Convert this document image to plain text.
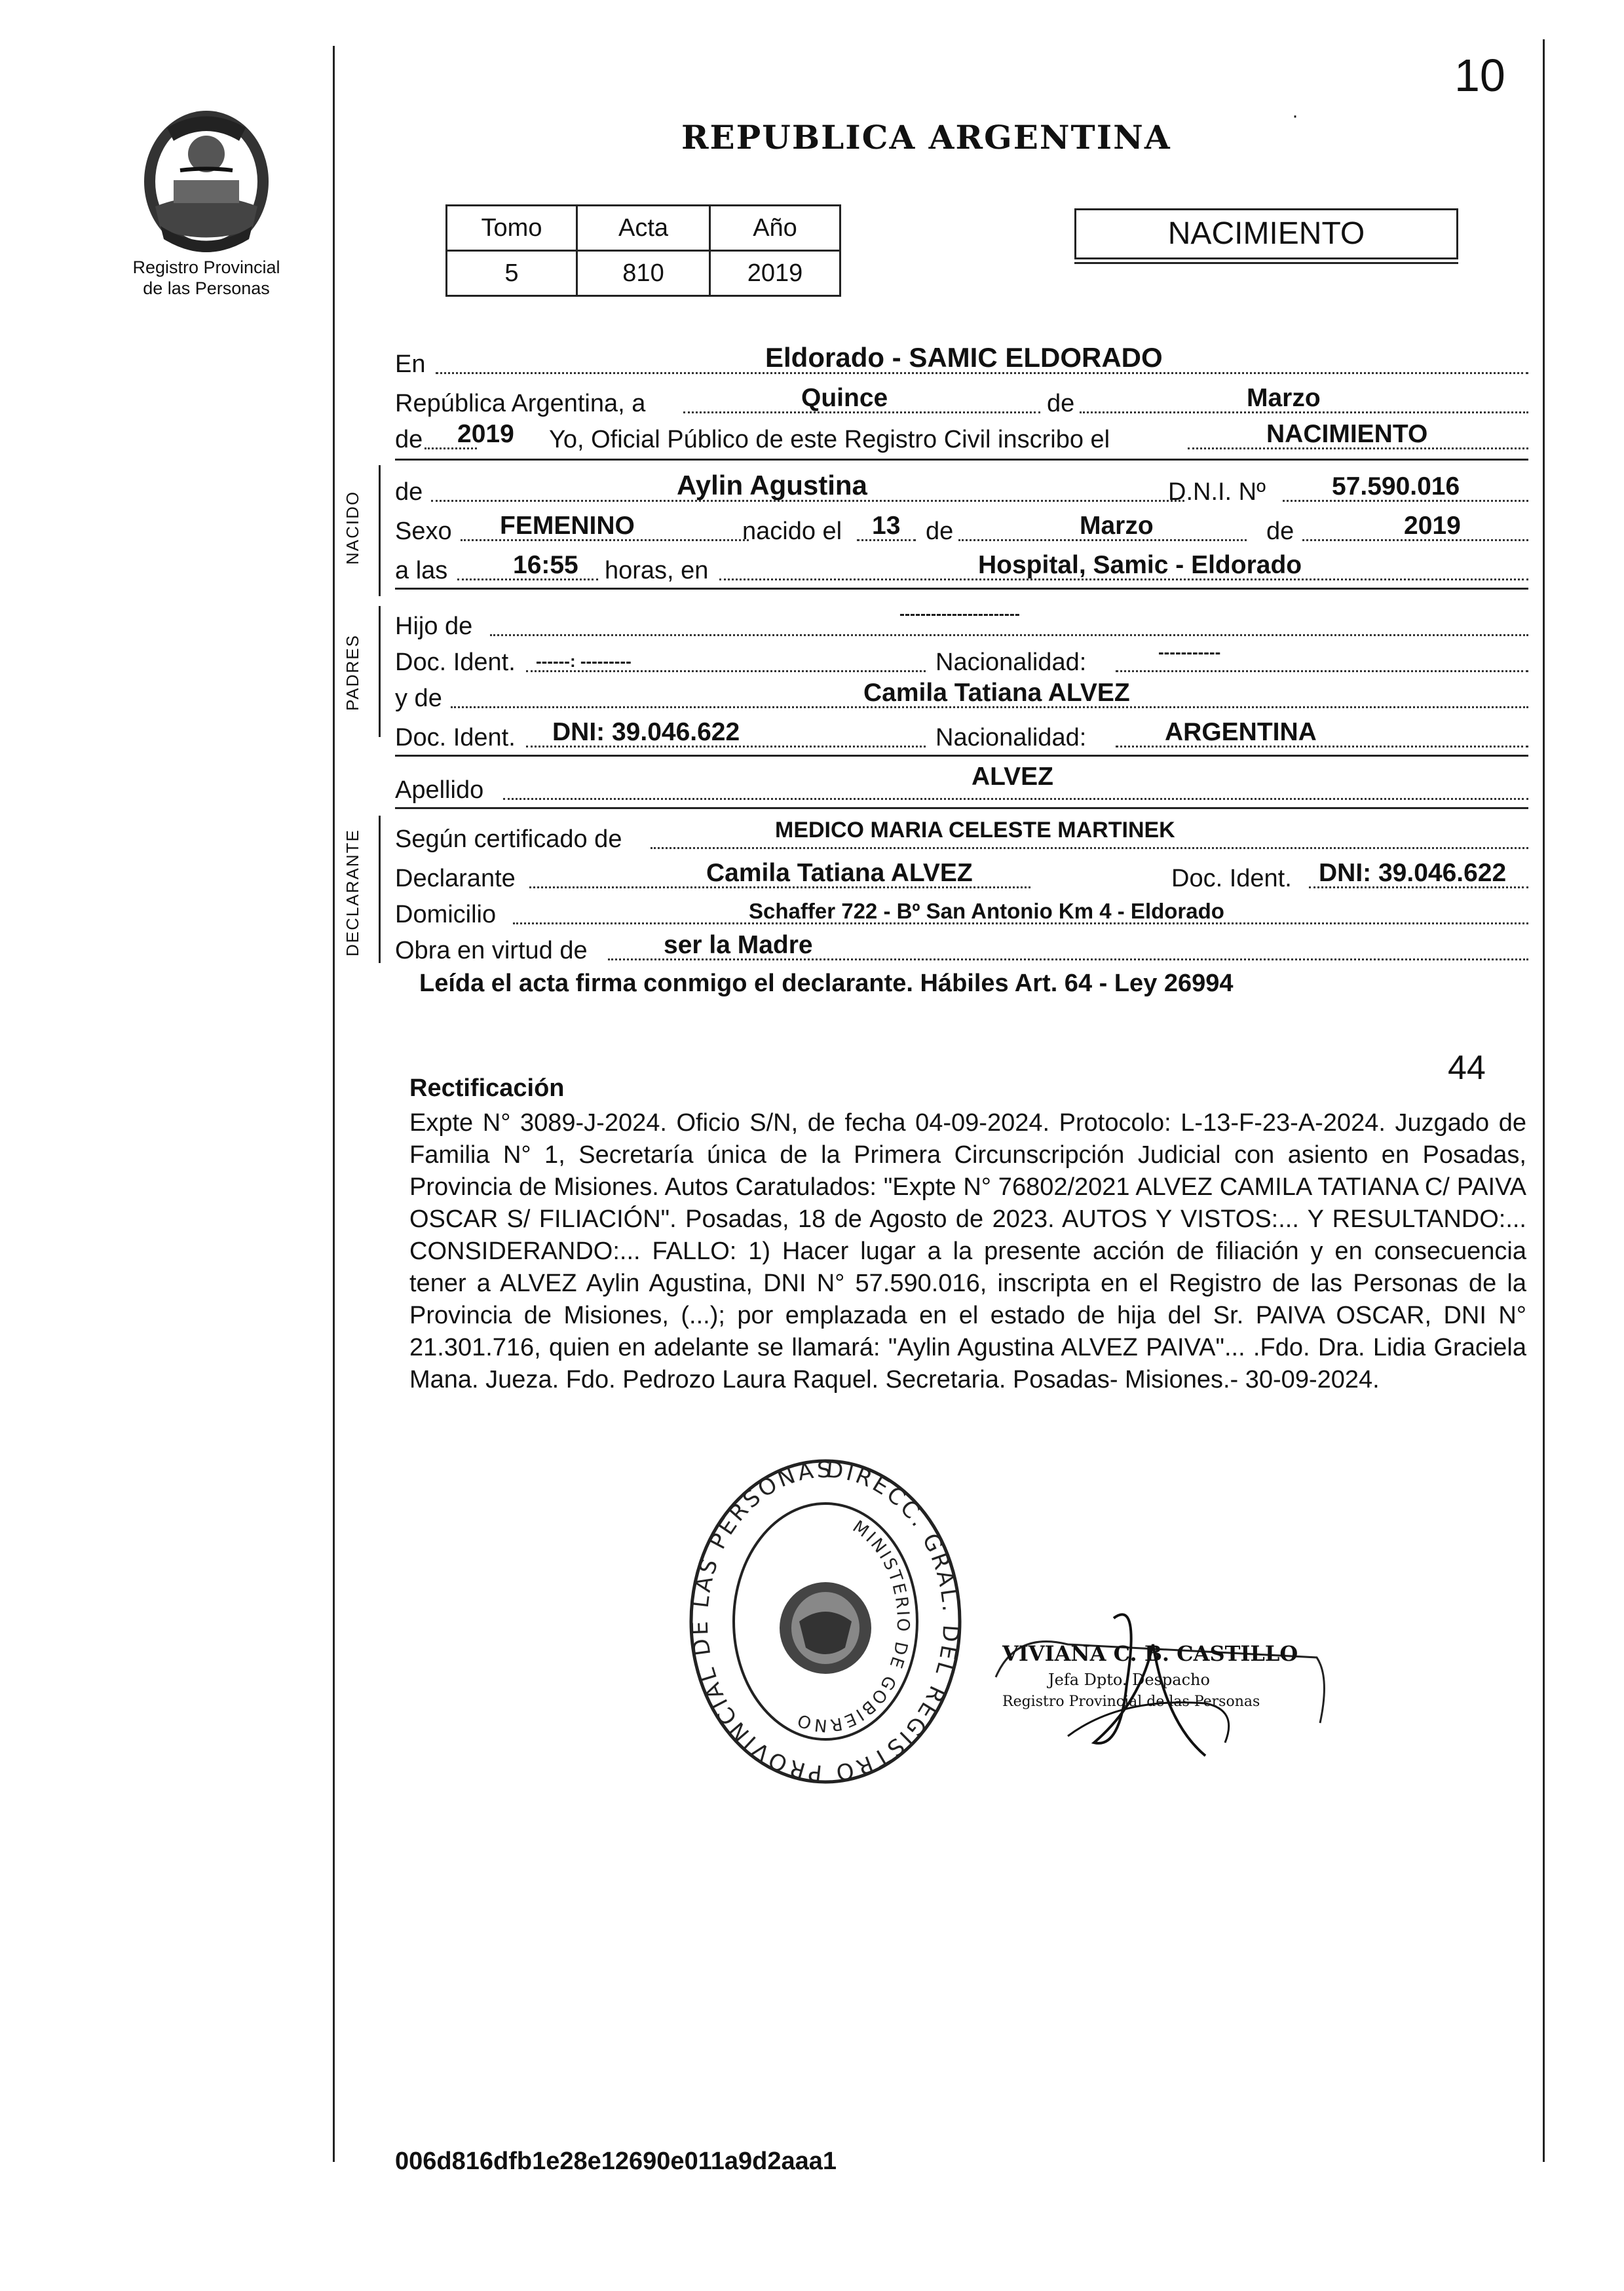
Registro Provincial
de las Personas
10
REPUBLICA ARGENTINA
·
Tomo	Acta	Año
5	810	2019
NACIMIENTO
En	Eldorado - SAMIC ELDORADO
República Argentina, a	Quince	de	Marzo
de 2019 Yo, Oficial Público de este Registro Civil inscribo el	NACIMIENTO
NACIDO de	Aylin Agustina	D.N.I. Nº	57.590.016
Sexo FEMENINO	nacido el 13 de	Marzo	de	2019
a las	16:55 horas, en	Hospital, Samic - Eldorado
PADRES
Hijo de	-----------------------
Doc. Ident. ------: ---------	Nacionalidad:	-----------
y de	Camila Tatiana ALVEZ
Doc. Ident. DNI: 39.046.622	Nacionalidad:	ARGENTINA
Apellido	ALVEZ
DECLARANTE Según certificado de	MEDICO MARIA CELESTE MARTINEK
Declarante	Camila Tatiana ALVEZ	Doc. Ident. DNI: 39.046.622
Domicilio	Schaffer 722 - Bº San Antonio Km 4 - Eldorado
Obra en virtud de	ser la Madre
Leída el acta firma conmigo el declarante. Hábiles Art. 64 - Ley 26994
44
Rectificación
Expte N° 3089-J-2024. Oficio S/N, de fecha 04-09-2024. Protocolo: L-13-F-23-A-2024. Juzgado de Familia N° 1, Secretaría única de la Primera Circunscripción Judicial con asiento en Posadas, Provincia de Misiones. Autos Caratulados: "Expte N° 76802/2021 ALVEZ CAMILA TATIANA C/ PAIVA OSCAR S/ FILIACIÓN". Posadas, 18 de Agosto de 2023. AUTOS Y VISTOS:... Y RESULTANDO:... CONSIDERANDO:... FALLO: 1) Hacer lugar a la presente acción de filiación y en consecuencia tener a ALVEZ Aylin Agustina, DNI N° 57.590.016, inscripta en el Registro de las Personas de la Provincia de Misiones, (...); por emplazada en el estado de hija del Sr. PAIVA OSCAR, DNI N° 21.301.716, quien en adelante se llamará: "Aylin Agustina ALVEZ PAIVA"... .Fdo. Dra. Lidia Graciela Mana. Jueza. Fdo. Pedrozo Laura Raquel. Secretaria. Posadas- Misiones.- 30-09-2024.
DIRECC. GRAL. DEL REGISTRO PROVINCIAL DE LAS PERSONAS
MINISTERIO DE GOBIERNO
VIVIANA C. B. CASTILLO
Jefa Dpto. Despacho
Registro Provincial de las Personas
006d816dfb1e28e12690e011a9d2aaa1
